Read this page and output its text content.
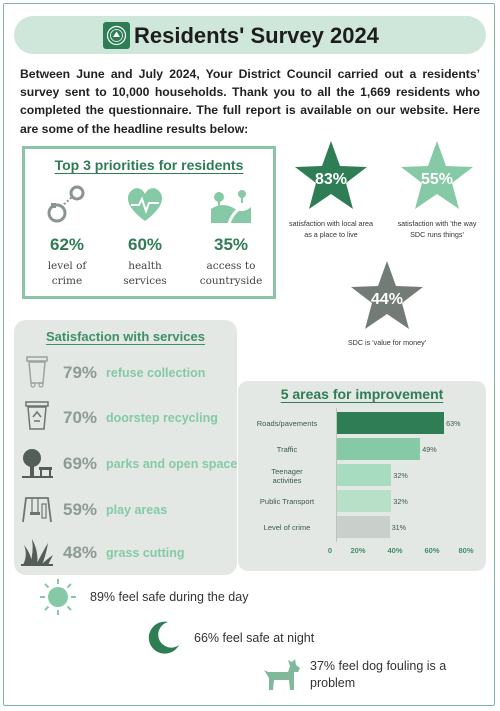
Residents' Survey 2024
Between June and July 2024, Your District Council carried out a residents’ survey sent to 10,000 households. Thank you to all the 1,669 residents who completed the questionnaire. The full report is available on our website. Here are some of the headline results below:
Top 3 priorities for residents
62%
level of
crime
60%
health
services
35%
access to
countryside
83%
satisfaction with local area
as a place to live
55%
satisfaction with 'the way
SDC runs things'
44%
SDC is 'value for money'
Satisfaction with services
79% refuse collection
70% doorstep recycling
69% parks and open space
59% play areas
48% grass cutting
5 areas for improvement
Roads/pavements	63%
Traffic	49%
Teenager
activities
32%
Public Transport	32%
Level of crime	31%
0	20%	40%	60%	80%
89% feel safe during the day
66% feel safe at night
37% feel dog fouling is a
problem
